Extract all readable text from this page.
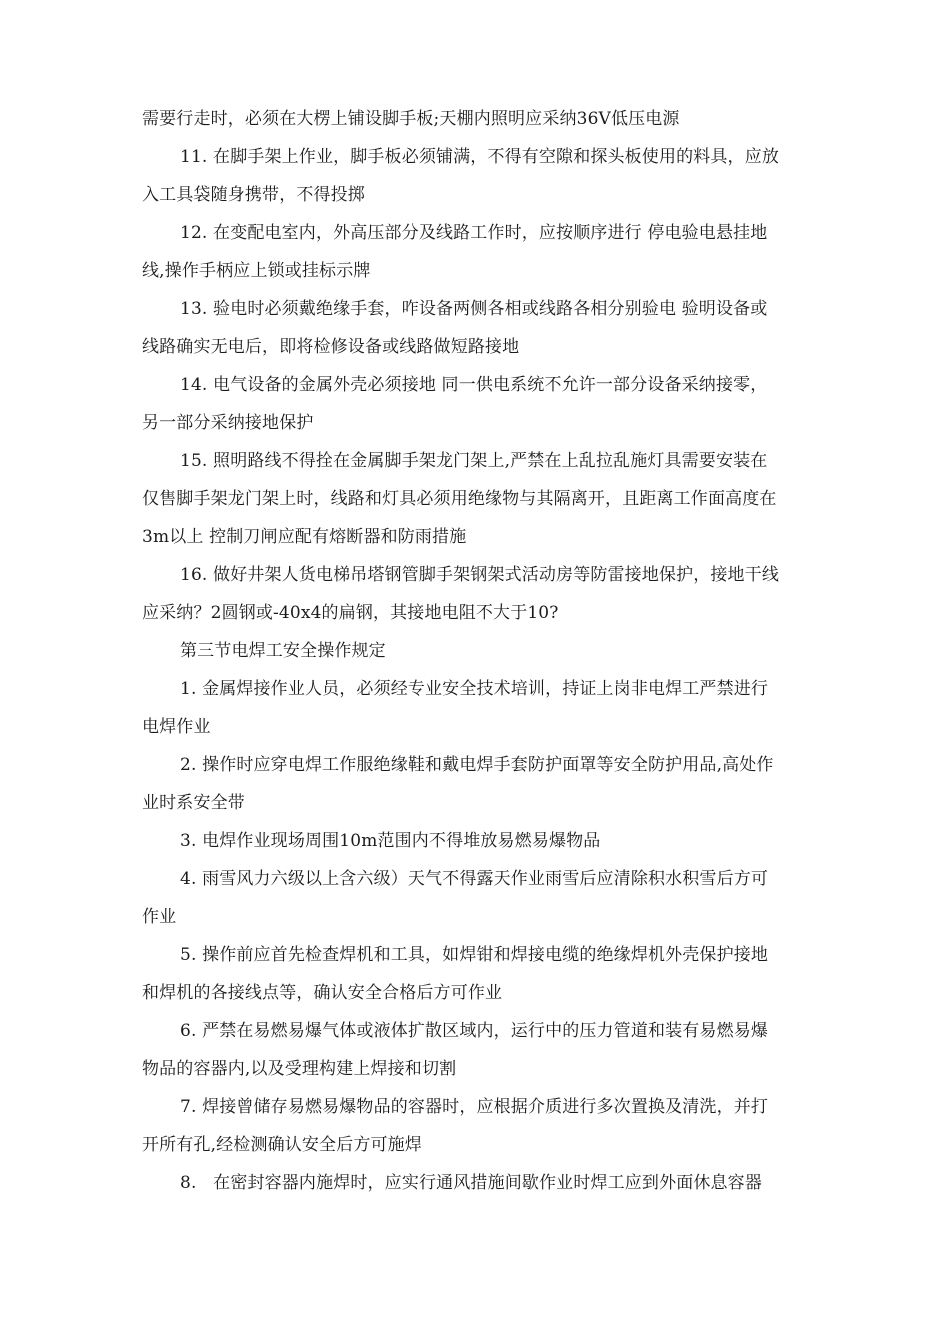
需要行走时，必须在大楞上铺设脚手板;天棚内照明应采纳36V低压电源
11. 在脚手架上作业，脚手板必须铺满，不得有空隙和探头板使用的料具，应放
入工具袋随身携带，不得投掷
12. 在变配电室内，外高压部分及线路工作时，应按顺序进行 停电验电悬挂地
线,操作手柄应上锁或挂标示牌
13. 验电时必须戴绝缘手套，咋设备两侧各相或线路各相分别验电 验明设备或
线路确实无电后，即将检修设备或线路做短路接地
14. 电气设备的金属外壳必须接地 同一供电系统不允许一部分设备采纳接零，
另一部分采纳接地保护
15. 照明路线不得拴在金属脚手架龙门架上,严禁在上乱拉乱施灯具需要安装在
仅售脚手架龙门架上时，线路和灯具必须用绝缘物与其隔离开，且距离工作面高度在
3m以上 控制刀闸应配有熔断器和防雨措施
16. 做好井架人货电梯吊塔钢管脚手架钢架式活动房等防雷接地保护，接地干线
应采纳？2圆钢或-40x4的扁钢，其接地电阻不大于10?
第三节电焊工安全操作规定
1. 金属焊接作业人员，必须经专业安全技术培训，持证上岗非电焊工严禁进行
电焊作业
2. 操作时应穿电焊工作服绝缘鞋和戴电焊手套防护面罩等安全防护用品,高处作
业时系安全带
3. 电焊作业现场周围10m范围内不得堆放易燃易爆物品
4. 雨雪风力六级以上含六级）天气不得露天作业雨雪后应清除积水积雪后方可
作业
5. 操作前应首先检查焊机和工具，如焊钳和焊接电缆的绝缘焊机外壳保护接地
和焊机的各接线点等，确认安全合格后方可作业
6. 严禁在易燃易爆气体或液体扩散区域内，运行中的压力管道和装有易燃易爆
物品的容器内,以及受理构建上焊接和切割
7. 焊接曾储存易燃易爆物品的容器时，应根据介质进行多次置换及清洗，并打
开所有孔,经检测确认安全后方可施焊
8.   在密封容器内施焊时，应实行通风措施间歇作业时焊工应到外面休息容器
